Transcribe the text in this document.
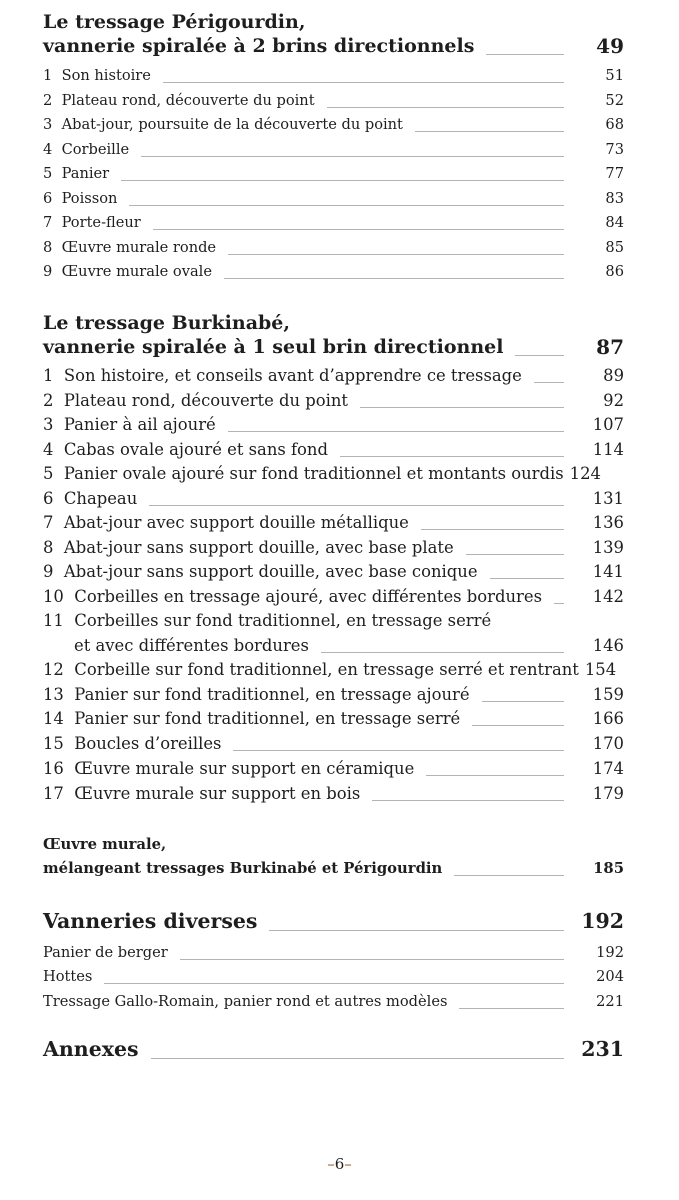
Le tressage Périgourdin,
vannerie spiralée à 2 brins directionnels	49
1 Son histoire	51
2 Plateau rond, découverte du point	52
3 Abat-jour, poursuite de la découverte du point	68
4 Corbeille	73
5 Panier	77
6 Poisson	83
7 Porte-fleur	84
8 Œuvre murale ronde	85
9 Œuvre murale ovale	86
Le tressage Burkinabé,
vannerie spiralée à 1 seul brin directionnel	87
1 Son histoire, et conseils avant d’apprendre ce tressage	89
2 Plateau rond, découverte du point	92
3 Panier à ail ajouré	107
4 Cabas ovale ajouré et sans fond	114
5 Panier ovale ajouré sur fond traditionnel et montants ourdis 124
6 Chapeau	131
7 Abat-jour avec support douille métallique	136
8 Abat-jour sans support douille, avec base plate	139
9 Abat-jour sans support douille, avec base conique	141
10 Corbeilles en tressage ajouré, avec différentes bordures	142
11 Corbeilles sur fond traditionnel, en tressage serré
et avec différentes bordures	146
12 Corbeille sur fond traditionnel, en tressage serré et rentrant 154
13 Panier sur fond traditionnel, en tressage ajouré	159
14 Panier sur fond traditionnel, en tressage serré	166
15 Boucles d’oreilles	170
16 Œuvre murale sur support en céramique	174
17 Œuvre murale sur support en bois	179
Œuvre murale,
mélangeant tressages Burkinabé et Périgourdin	185
Vanneries diverses	192
Panier de berger	192
Hottes	204
Tressage Gallo-Romain, panier rond et autres modèles	221
Annexes	231
–6–
